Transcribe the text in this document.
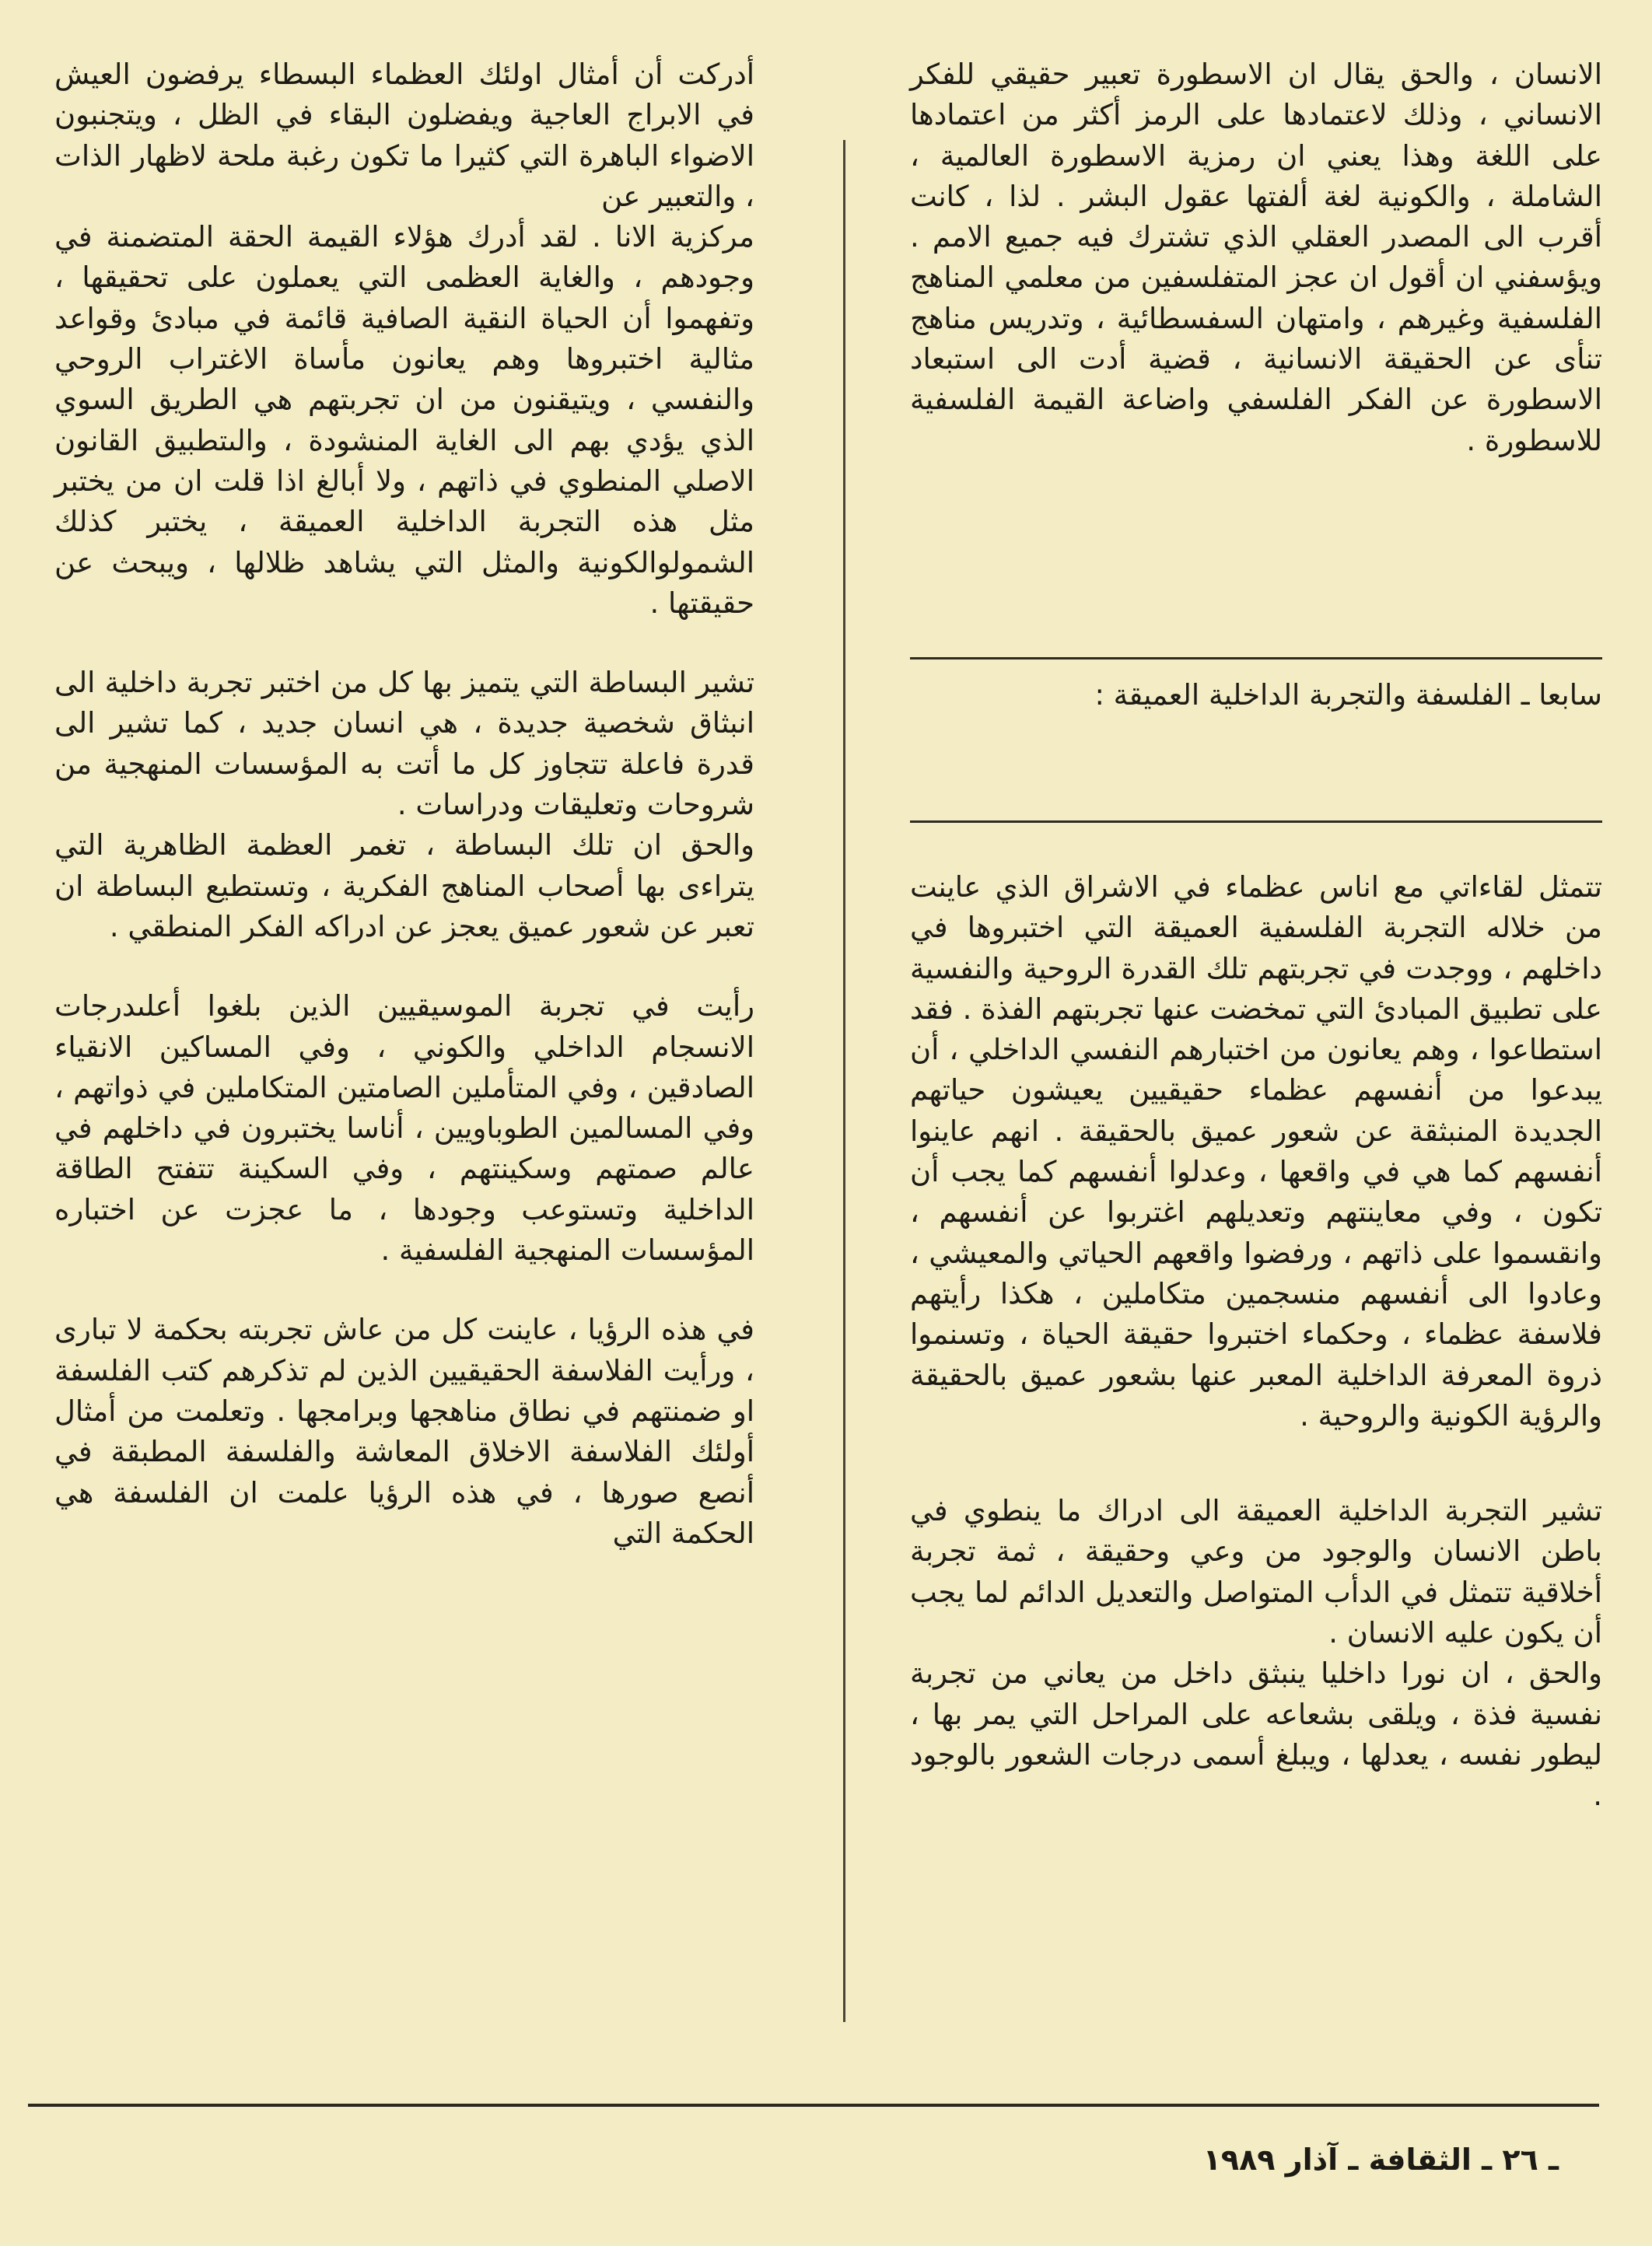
الانسان ، والحق يقال ان الاسطورة تعبير حقيقي للفكر الانساني ، وذلك لاعتمادها على الرمز أكثر من اعتمادها على اللغة وهذا يعني ان رمزية الاسطورة العالمية ، الشاملة ، والكونية لغة ألفتها عقول البشر . لذا ، كانت أقرب الى المصدر العقلي الذي تشترك فيه جميع الامم . ويؤسفني ان أقول ان عجز المتفلسفين من معلمي المناهج الفلسفية وغيرهم ، وامتهان السفسطائية ، وتدريس مناهج تنأى عن الحقيقة الانسانية ، قضية أدت الى استبعاد الاسطورة عن الفكر الفلسفي واضاعة القيمة الفلسفية للاسطورة .

سابعا ـ الفلسفة والتجربة الداخلية العميقة :

تتمثل لقاءاتي مع اناس عظماء في الاشراق الذي عاينت من خلاله التجربة الفلسفية العميقة التي اختبروها في داخلهم ، ووجدت في تجربتهم تلك القدرة الروحية والنفسية على تطبيق المبادئ التي تمخضت عنها تجربتهم الفذة . فقد استطاعوا ، وهم يعانون من اختبارهم النفسي الداخلي ، أن يبدعوا من أنفسهم عظماء حقيقيين يعيشون حياتهم الجديدة المنبثقة عن شعور عميق بالحقيقة . انهم عاينوا أنفسهم كما هي في واقعها ، وعدلوا أنفسهم كما يجب أن تكون ، وفي معاينتهم وتعديلهم اغتربوا عن أنفسهم ، وانقسموا على ذاتهم ، ورفضوا واقعهم الحياتي والمعيشي ، وعادوا الى أنفسهم منسجمين متكاملين ، هكذا رأيتهم فلاسفة عظماء ، وحكماء اختبروا حقيقة الحياة ، وتسنموا ذروة المعرفة الداخلية المعبر عنها بشعور عميق بالحقيقة والرؤية الكونية والروحية .

تشير التجربة الداخلية العميقة الى ادراك ما ينطوي في باطن الانسان والوجود من وعي وحقيقة ، ثمة تجربة أخلاقية تتمثل في الدأب المتواصل والتعديل الدائم لما يجب أن يكون عليه الانسان .

والحق ، ان نورا داخليا ينبثق داخل من يعاني من تجربة نفسية فذة ، ويلقى بشعاعه على المراحل التي يمر بها ، ليطور نفسه ، يعدلها ، ويبلغ أسمى درجات الشعور بالوجود .

أدركت أن أمثال اولئك العظماء البسطاء يرفضون العيش في الابراج العاجية ويفضلون البقاء في الظل ، ويتجنبون الاضواء الباهرة التي كثيرا ما تكون رغبة ملحة لاظهار الذات ، والتعبير عن

مركزية الانا . لقد أدرك هؤلاء القيمة الحقة المتضمنة في وجودهم ، والغاية العظمى التي يعملون على تحقيقها ، وتفهموا أن الحياة النقية الصافية قائمة في مبادئ وقواعد مثالية اختبروها وهم يعانون مأساة الاغتراب الروحي والنفسي ، ويتيقنون من ان تجربتهم هي الطريق السوي الذي يؤدي بهم الى الغاية المنشودة ، والىتطبيق القانون الاصلي المنطوي في ذاتهم ، ولا أبالغ اذا قلت ان من يختبر مثل هذه التجربة الداخلية العميقة ، يختبر كذلك الشمولوالكونية والمثل التي يشاهد ظلالها ، ويبحث عن حقيقتها .

تشير البساطة التي يتميز بها كل من اختبر تجربة داخلية الى انبثاق شخصية جديدة ، هي انسان جديد ، كما تشير الى قدرة فاعلة تتجاوز كل ما أتت به المؤسسات المنهجية من شروحات وتعليقات ودراسات .

والحق ان تلك البساطة ، تغمر العظمة الظاهرية التي يتراءى بها أصحاب المناهج الفكرية ، وتستطيع البساطة ان تعبر عن شعور عميق يعجز عن ادراكه الفكر المنطقي .

رأيت في تجربة الموسيقيين الذين بلغوا أعلىدرجات الانسجام الداخلي والكوني ، وفي المساكين الانقياء الصادقين ، وفي المتأملين الصامتين المتكاملين في ذواتهم ، وفي المسالمين الطوباويين ، أناسا يختبرون في داخلهم في عالم صمتهم وسكينتهم ، وفي السكينة تتفتح الطاقة الداخلية وتستوعب وجودها ، ما عجزت عن اختباره المؤسسات المنهجية الفلسفية .

في هذه الرؤيا ، عاينت كل من عاش تجربته بحكمة لا تبارى ، ورأيت الفلاسفة الحقيقيين الذين لم تذكرهم كتب الفلسفة او ضمنتهم في نطاق مناهجها وبرامجها . وتعلمت من أمثال أولئك الفلاسفة الاخلاق المعاشة والفلسفة المطبقة في أنصع صورها ، في هذه الرؤيا علمت ان الفلسفة هي الحكمة التي

ـ ٢٦ ـ الثقافة ـ آذار ١٩٨٩
